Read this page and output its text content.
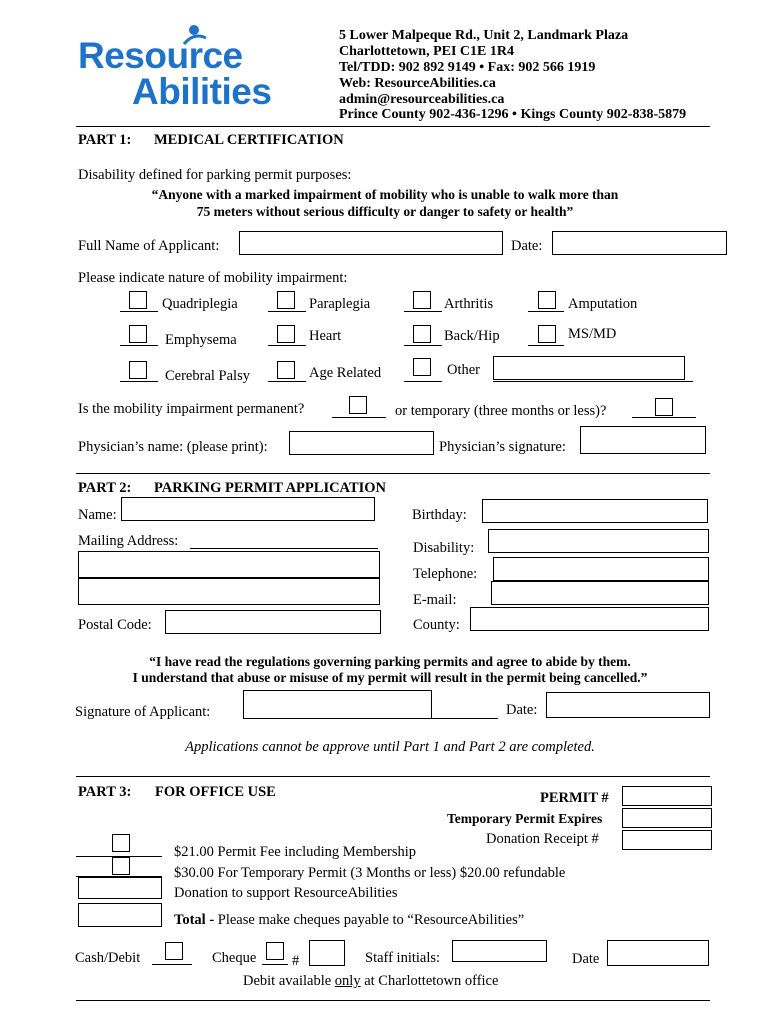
Resource
Abilities
5 Lower Malpeque Rd., Unit 2, Landmark Plaza
Charlottetown, PEI C1E 1R4
Tel/TDD: 902 892 9149 • Fax: 902 566 1919
Web: ResourceAbilities.ca
admin@resourceabilities.ca
Prince County 902-436-1296 • Kings County 902-838-5879
PART 1: MEDICAL CERTIFICATION
Disability defined for parking permit purposes:
“Anyone with a marked impairment of mobility who is unable to walk more than
75 meters without serious difficulty or danger to safety or health”
Full Name of Applicant:	Date:
Please indicate nature of mobility impairment:
Quadriplegia	Paraplegia	Arthritis	Amputation
Emphysema	Heart	Back/Hip	MS/MD
Cerebral Palsy	Age Related	Other
Is the mobility impairment permanent?	or temporary (three months or less)?
Physician’s name: (please print):	Physician’s signature:
PART 2: PARKING PERMIT APPLICATION
Name:	Birthday:
Mailing Address:	Disability:
Telephone:
E-mail:
Postal Code:	County:
“I have read the regulations governing parking permits and agree to abide by them.
I understand that abuse or misuse of my permit will result in the permit being cancelled.”
Signature of Applicant:	Date:
Applications cannot be approve until Part 1 and Part 2 are completed.
PART 3: FOR OFFICE USE	PERMIT #
Temporary Permit Expires
Donation Receipt #
$21.00 Permit Fee including Membership
$30.00 For Temporary Permit (3 Months or less) $20.00 refundable
Donation to support ResourceAbilities
Total - Please make cheques payable to “ResourceAbilities”
Cash/Debit	Cheque #	Staff initials:	Date
Debit available only at Charlottetown office
